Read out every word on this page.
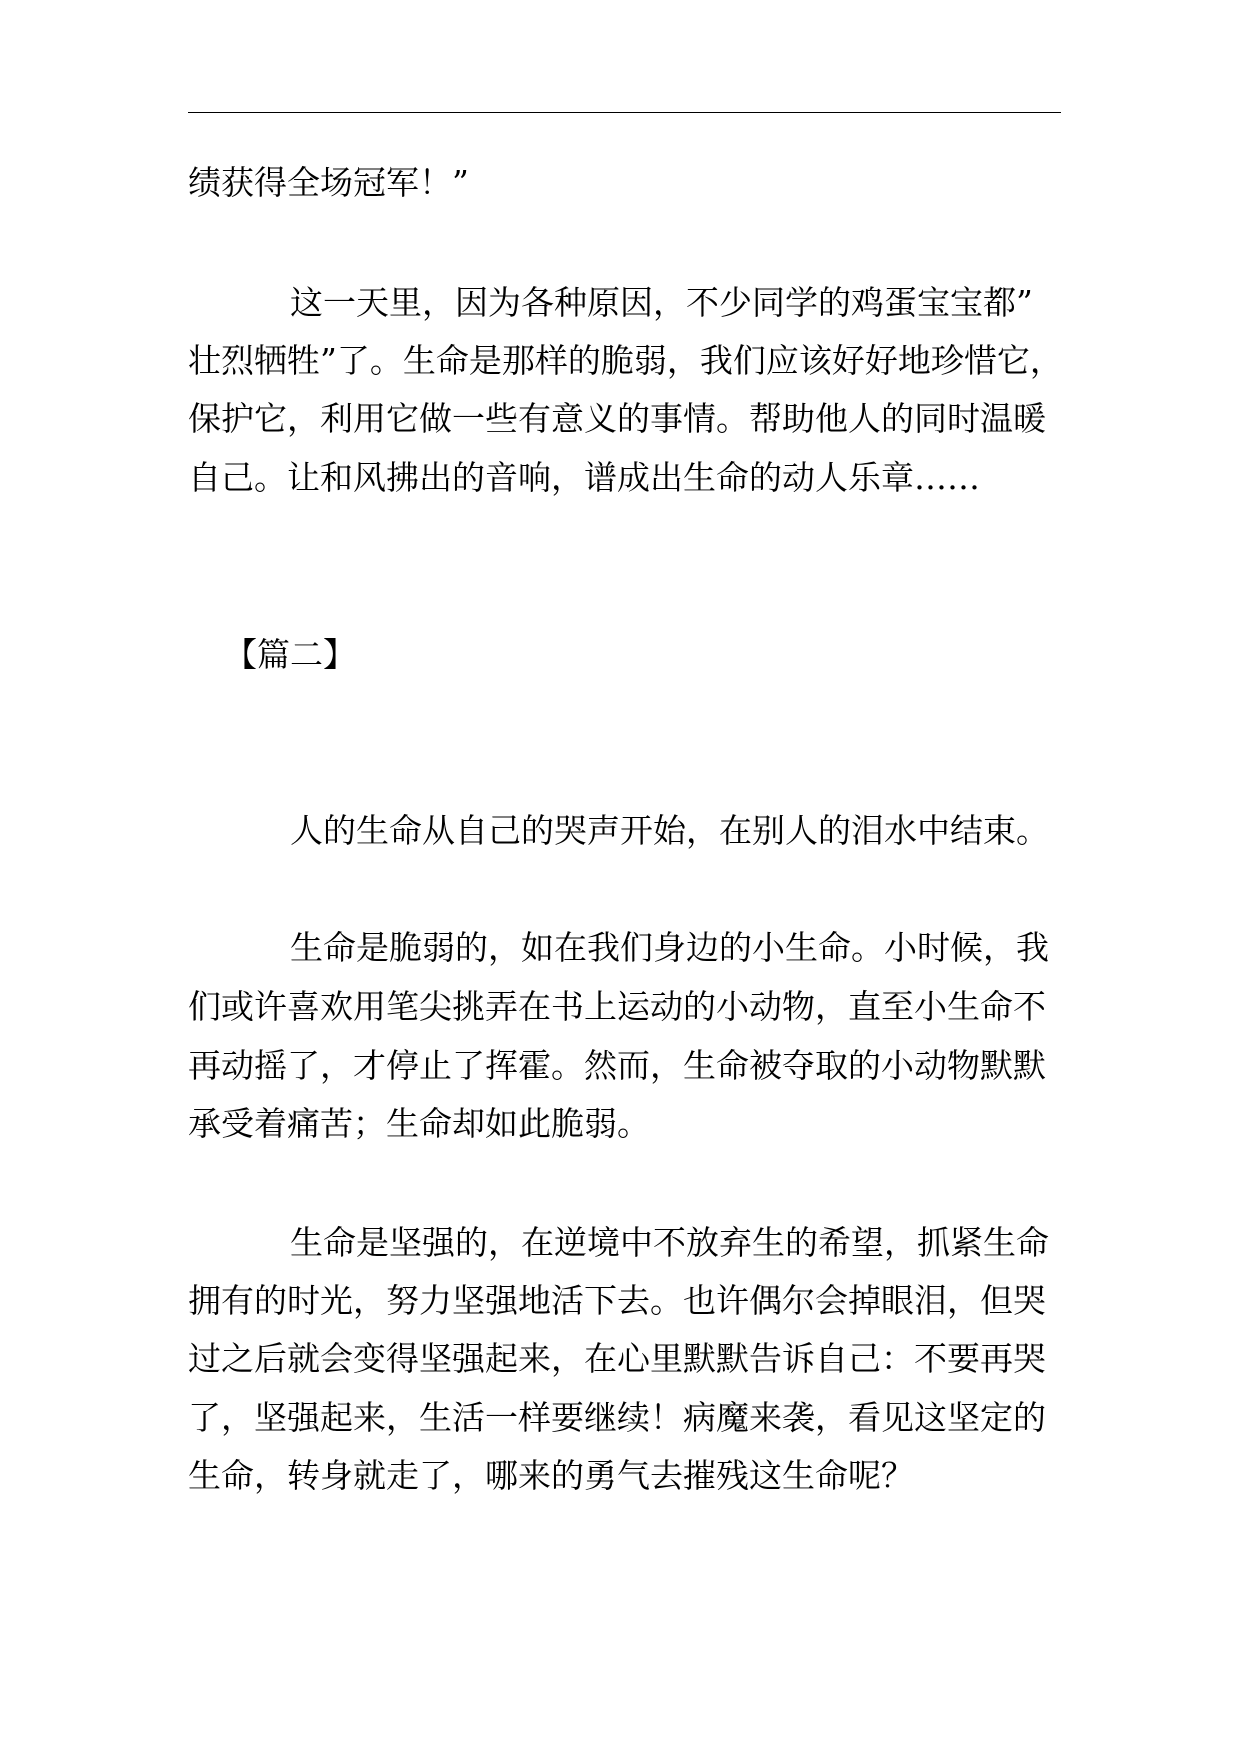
绩获得全场冠军！”
这一天里，因为各种原因，不少同学的鸡蛋宝宝都”
壮烈牺牲”了。生命是那样的脆弱，我们应该好好地珍惜它，
保护它，利用它做一些有意义的事情。帮助他人的同时温暖
自己。让和风拂出的音响，谱成出生命的动人乐章……
【篇二】
人的生命从自己的哭声开始，在别人的泪水中结束。
生命是脆弱的，如在我们身边的小生命。小时候，我
们或许喜欢用笔尖挑弄在书上运动的小动物，直至小生命不
再动摇了，才停止了挥霍。然而，生命被夺取的小动物默默
承受着痛苦；生命却如此脆弱。
生命是坚强的，在逆境中不放弃生的希望，抓紧生命
拥有的时光，努力坚强地活下去。也许偶尔会掉眼泪，但哭
过之后就会变得坚强起来，在心里默默告诉自己：不要再哭
了，坚强起来，生活一样要继续！病魔来袭，看见这坚定的
生命，转身就走了，哪来的勇气去摧残这生命呢？
